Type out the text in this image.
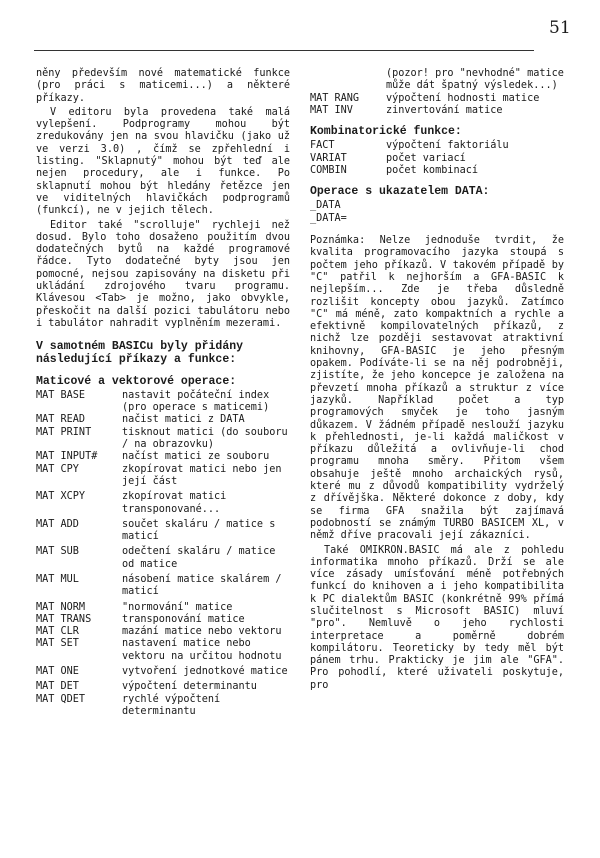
51

něny především nové matematické funkce (pro práci s maticemi...) a některé příkazy.

V editoru byla provedena také malá vylepšení. Podprogramy mohou být zredukovány jen na svou hlavičku (jako už ve verzi 3.0) , čímž se zpřehlední i listing. "Sklapnutý" mohou být teď ale nejen procedury, ale i funkce. Po sklapnutí mohou být hledány řetězce jen ve viditelných hlavičkách podprogramů (funkcí), ne v jejich tělech.

Editor také "scrolluje" rychleji než dosud. Bylo toho dosaženo použitím dvou dodatečných bytů na každé programové řádce. Tyto dodatečné byty jsou jen pomocné, nejsou zapisovány na disketu při ukládání zdrojového tvaru programu. Klávesou <Tab> je možno, jako obvykle, přeskočit na další pozici tabulátoru nebo i tabulátor nahradit vyplněním mezerami.

V samotném BASICu byly přidány následující příkazy a funkce:
Maticové a vektorové operace:
MAT BASE	nastavit počáteční index (pro operace s maticemi)
MAT READ	načist matici z DATA
MAT PRINT	tisknout matici (do souboru / na obrazovku)
MAT INPUT#	načíst matici ze souboru
MAT CPY	zkopírovat matici nebo jen její část
MAT XCPY	zkopírovat matici transponované...
MAT ADD	součet skaláru / matice s maticí
MAT SUB	odečtení skaláru / matice od matice
MAT MUL	násobení matice skalárem / maticí
MAT NORM	"normování" matice
MAT TRANS	transponování matice
MAT CLR	mazání matice nebo vektoru
MAT SET	nastavení matice nebo vektoru na určitou hodnotu
MAT ONE	vytvoření jednotkové matice
MAT DET	výpočtení determinantu
MAT QDET	rychlé výpočtení determinantu
(pozor! pro "nevhodné" matice může dát špatný výsledek...)
MAT RANG	výpočtení hodnosti matice
MAT INV	zinvertování matice
Kombinatorické funkce:
FACT	výpočtení faktoriálu
VARIAT	počet variací
COMBIN	počet kombinací
Operace s ukazatelem DATA:
_DATA
_DATA=

Poznámka: Nelze jednoduše tvrdit, že kvalita programovacího jazyka stoupá s počtem jeho příkazů. V takovém případě by "C" patřil k nejhorším a GFA-BASIC k nejlepším... Zde je třeba důsledně rozlišit koncepty obou jazyků. Zatímco "C" má méně, zato kompaktních a rychle a efektivně kompilovatelných příkazů, z nichž lze později sestavovat atraktivní knihovny, GFA-BASIC je jeho přesným opakem. Podíváte-li se na něj podrobněji, zjistíte, že jeho koncepce je založena na převzetí mnoha příkazů a struktur z více jazyků. Například počet a typ programových smyček je toho jasným důkazem. V žádném případě neslouží jazyku k přehlednosti, je-li každá maličkost v příkazu důležitá a ovlivňuje-li chod programu mnoha směry. Přitom všem obsahuje ještě mnoho archaických rysů, které mu z důvodů kompatibility vydrželý z dřívějška. Některé dokonce z doby, kdy se firma GFA snažila být zajímavá podobností se známým TURBO BASICEM XL, v němž dříve pracovali její zákazníci.

Také OMIKRON.BASIC má ale z pohledu informatika mnoho příkazů. Drží se ale více zásady umísťování méně potřebných funkcí do knihoven a i jeho kompatibilita k PC dialektům BASIC (konkrétně 99% přímá slučitelnost s Microsoft BASIC) mluví "pro". Nemluvě o jeho rychlosti interpretace a poměrně dobrém kompilátoru. Teoreticky by tedy měl být pánem trhu. Prakticky je jim ale "GFA". Pro pohodlí, které uživateli poskytuje, pro
